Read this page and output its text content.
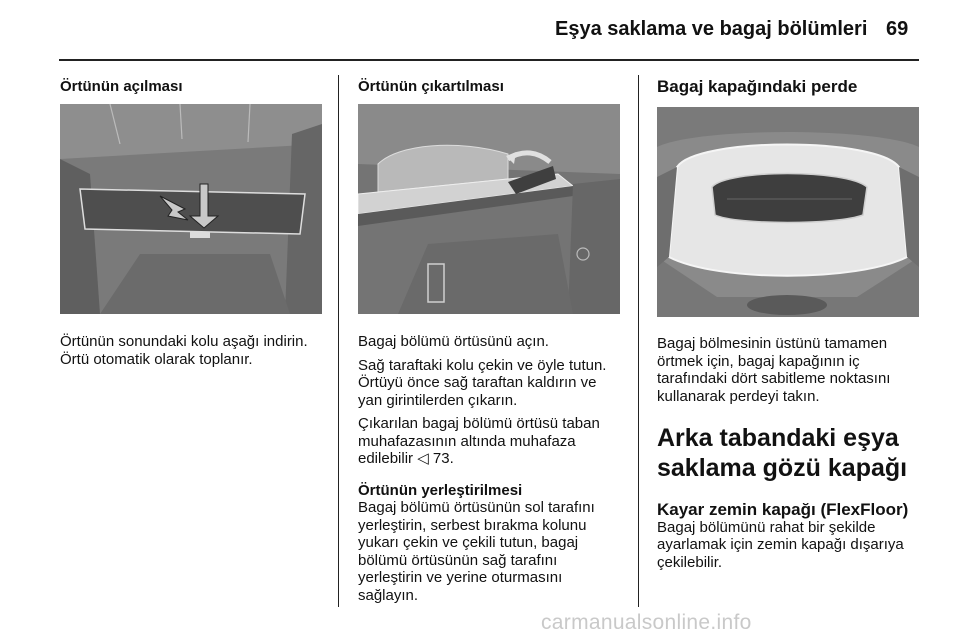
Eşya saklama ve bagaj bölümleri 69
Örtünün açılması
Örtünün sonundaki kolu aşağı indirin.
Örtü otomatik olarak toplanır.
Örtünün çıkartılması

Bagaj bölümü örtüsünü açın.

Sağ taraftaki kolu çekin ve öyle tutun.
Örtüyü önce sağ taraftan kaldırın ve
yan girintilerden çıkarın.

Çıkarılan bagaj bölümü örtüsü taban
muhafazasının altında muhafaza
edilebilir ◁ 73.

Örtünün yerleştirilmesi
Bagaj bölümü örtüsünün sol tarafını
yerleştirin, serbest bırakma kolunu
yukarı çekin ve çekili tutun, bagaj
bölümü örtüsünün sağ tarafını
yerleştirin ve yerine oturmasını
sağlayın.
Bagaj kapağındaki perde

Bagaj bölmesinin üstünü tamamen
örtmek için, bagaj kapağının iç
tarafındaki dört sabitleme noktasını
kullanarak perdeyi takın.

Arka tabandaki eşya
saklama gözü kapağı
Kayar zemin kapağı (FlexFloor)
Bagaj bölümünü rahat bir şekilde
ayarlamak için zemin kapağı dışarıya
çekilebilir.
carmanualsonline.info
